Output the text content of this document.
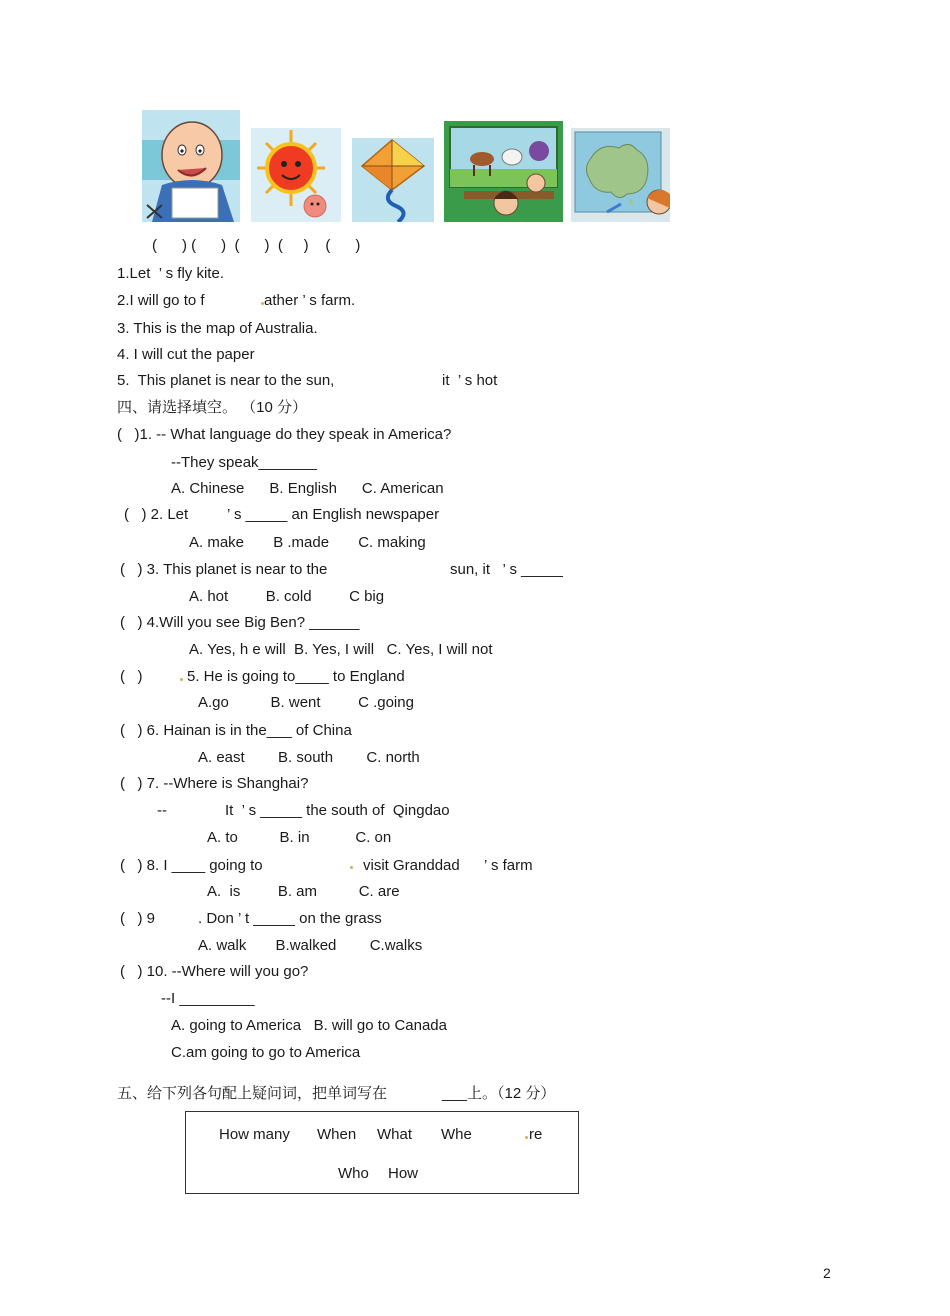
(      ) (      )  (      )  (     )    (      )
1.Let  ’ s fly kite.
2.I will go to f	ather ’ s farm.
3. This is the map of Australia.
4. I will cut the paper
5.  This planet is near to the sun,	it  ’ s hot
四、请选择填空。 （10 分）
(   )1. -- What language do they speak in America?
--They speak_______
A. Chinese      B. English      C. American
(   ) 2. Let	’ s _____ an English newspaper
A. make       B .made       C. making
(   ) 3. This planet is near to the	sun, it   ’ s _____
A. hot         B. cold         C big
(   ) 4.Will you see Big Ben? ______
A. Yes, h e will  B. Yes, I will   C. Yes, I will not
(   )	5. He is going to____ to England
A.go          B. went         C .going
(   ) 6. Hainan is in the___ of China
A. east        B. south        C. north
(   ) 7. --Where is Shanghai?
--	It  ’ s _____ the south of  Qingdao
A. to          B. in           C. on
(   ) 8. I ____ going to	visit Granddad ’ s farm
A.  is         B. am          C. are
(   ) 9	. Don ’ t _____ on the grass
A. walk       B.walked        C.walks
(   ) 10. --Where will you go?
--I _________
A. going to America   B. will go to Canada
C.am going to go to America
五、给下列各句配上疑问词，把单词写在	___上。（12 分）
How many When What Whe	re
Who How
2
